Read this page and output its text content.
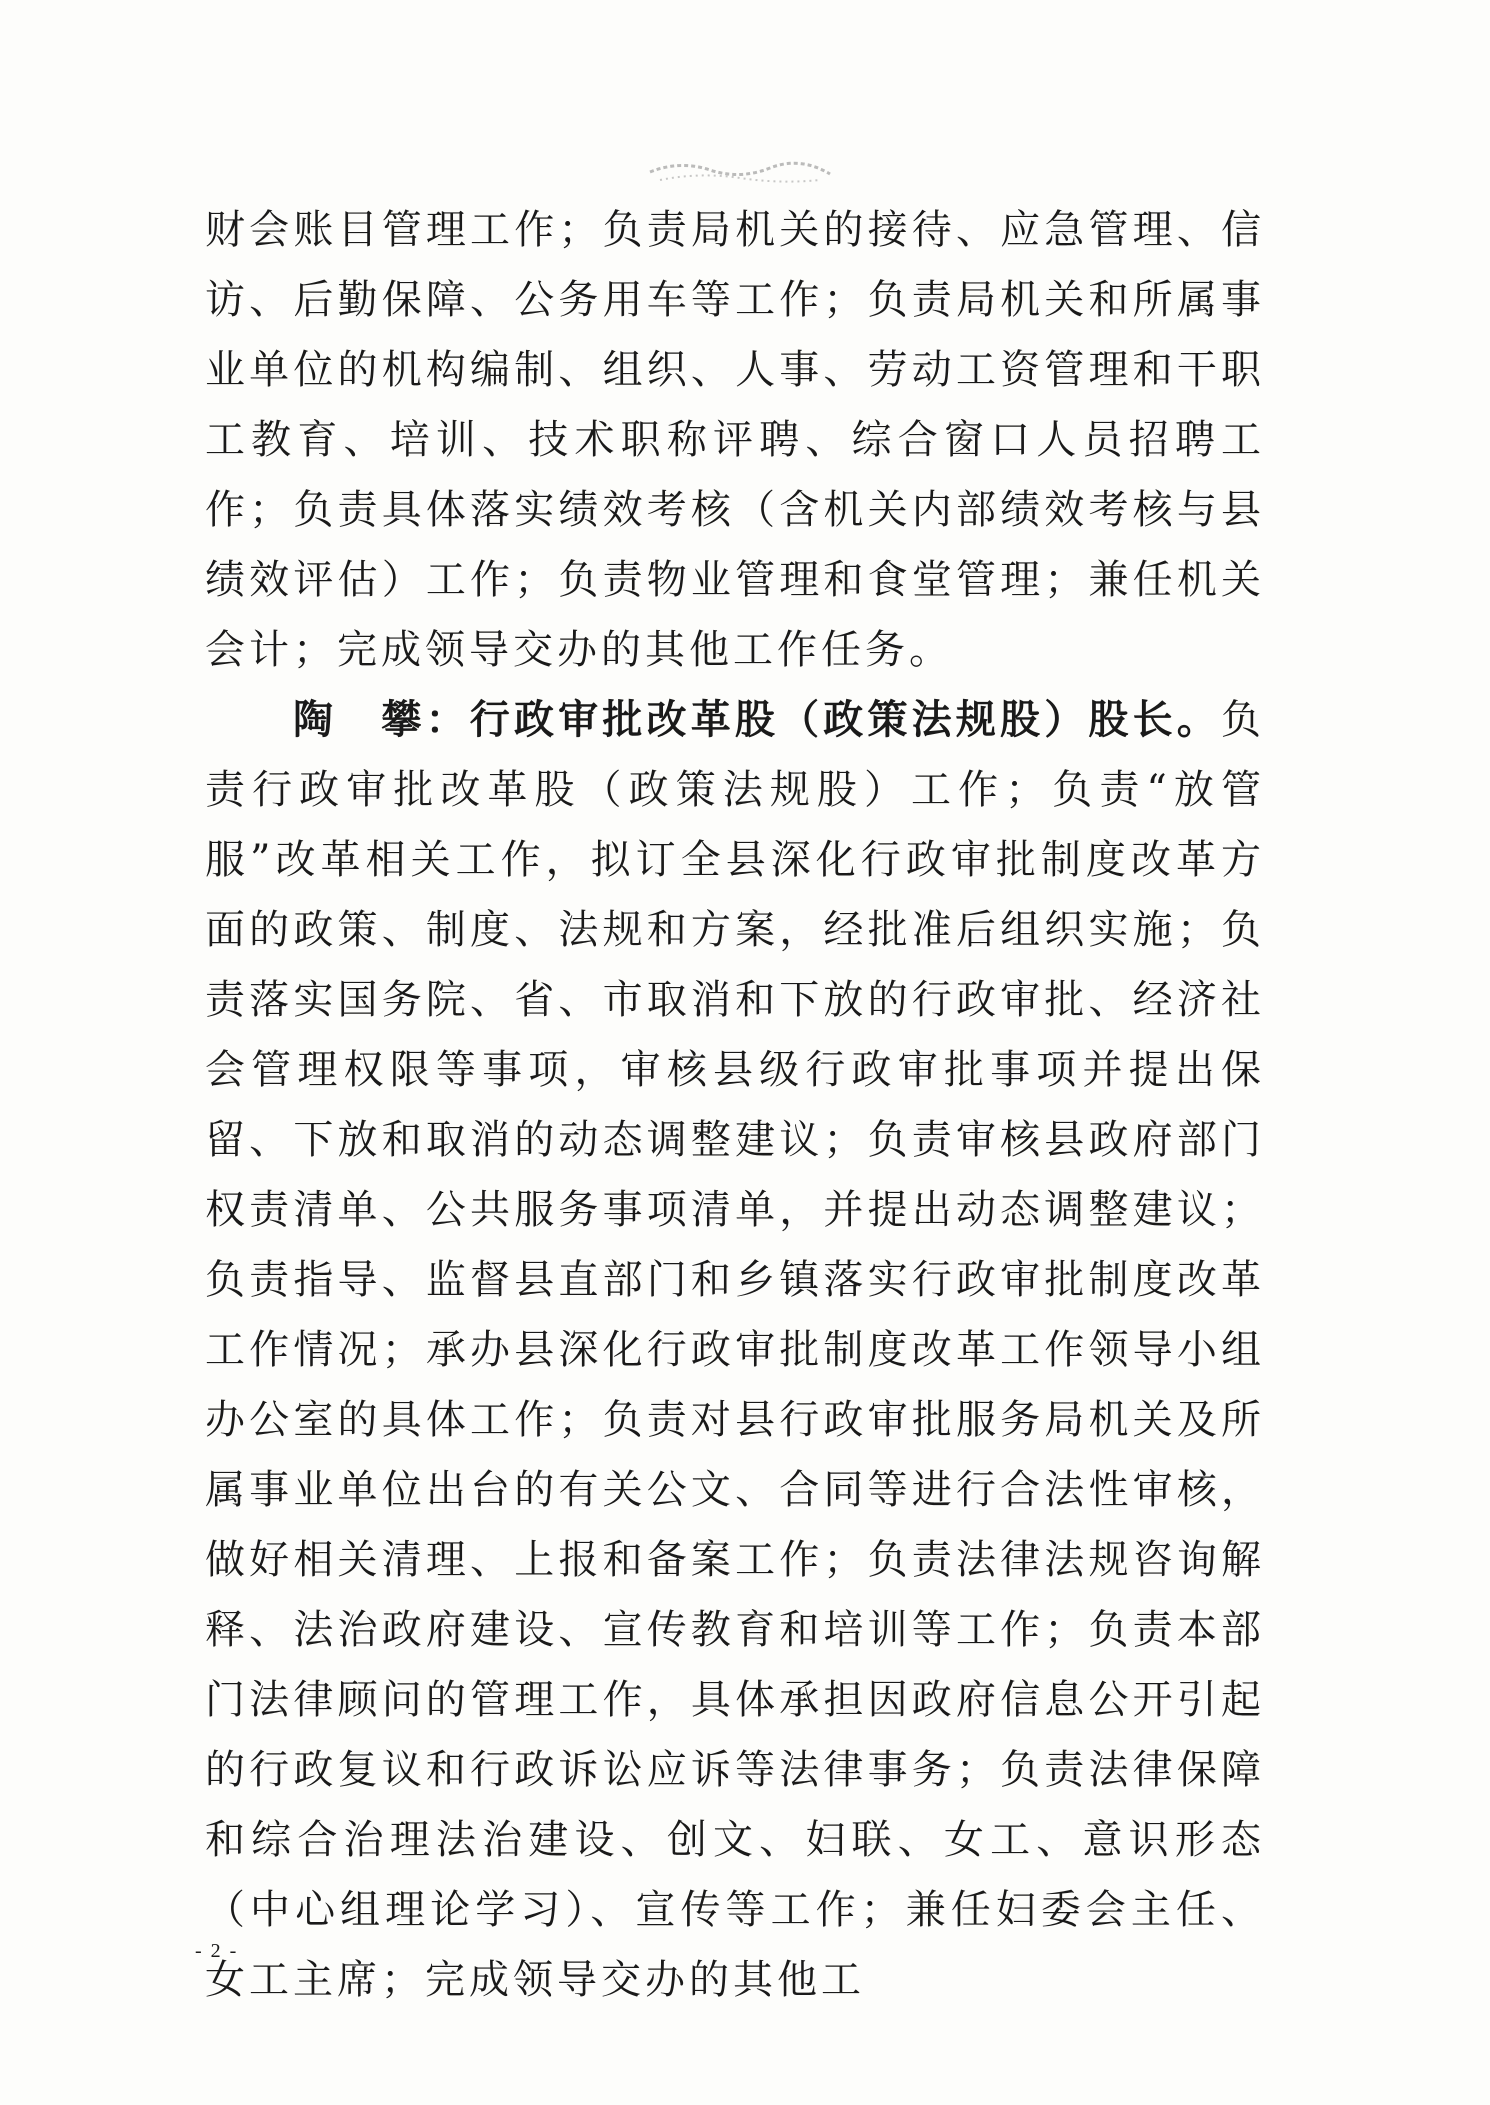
财会账目管理工作；负责局机关的接待、应急管理、信访、后勤保障、公务用车等工作；负责局机关和所属事业单位的机构编制、组织、人事、劳动工资管理和干职工教育、培训、技术职称评聘、综合窗口人员招聘工作；负责具体落实绩效考核（含机关内部绩效考核与县绩效评估）工作；负责物业管理和食堂管理；兼任机关会计；完成领导交办的其他工作任务。

陶　攀：行政审批改革股（政策法规股）股长。负责行政审批改革股（政策法规股）工作；负责“放管服”改革相关工作，拟订全县深化行政审批制度改革方面的政策、制度、法规和方案，经批准后组织实施；负责落实国务院、省、市取消和下放的行政审批、经济社会管理权限等事项，审核县级行政审批事项并提出保留、下放和取消的动态调整建议；负责审核县政府部门权责清单、公共服务事项清单，并提出动态调整建议；负责指导、监督县直部门和乡镇落实行政审批制度改革工作情况；承办县深化行政审批制度改革工作领导小组办公室的具体工作；负责对县行政审批服务局机关及所属事业单位出台的有关公文、合同等进行合法性审核，做好相关清理、上报和备案工作；负责法律法规咨询解释、法治政府建设、宣传教育和培训等工作；负责本部门法律顾问的管理工作，具体承担因政府信息公开引起的行政复议和行政诉讼应诉等法律事务；负责法律保障和综合治理法治建设、创文、妇联、女工、意识形态（中心组理论学习）、宣传等工作；兼任妇委会主任、女工主席；完成领导交办的其他工

- 2 -
